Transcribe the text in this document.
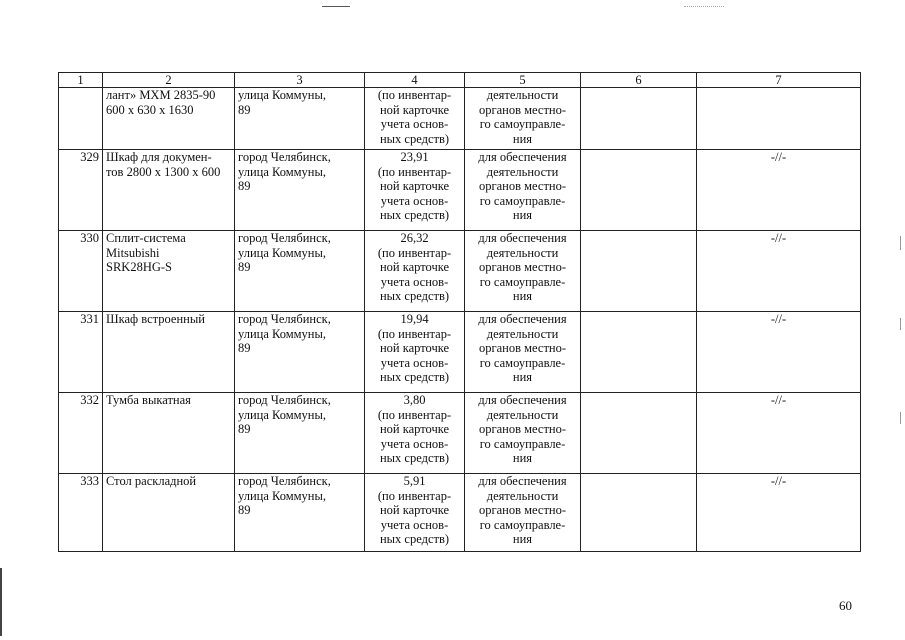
1	2	3	4	5	6	7

	лант» МХМ 2835-90
600 х 630 х 1630	улица Коммуны,
89	(по инвентар-
ной карточке
учета основ-
ных средств)	деятельности
органов местно-
го самоуправле-
ния		

329	Шкаф для докумен-
тов 2800 х 1300 х 600	город Челябинск,
улица Коммуны,
89	23,91
(по инвентар-
ной карточке
учета основ-
ных средств)	для обеспечения
деятельности
органов местно-
го самоуправле-
ния		-//-
330	Сплит-система
Mitsubishi
SRK28HG-S	город Челябинск,
улица Коммуны,
89	26,32
(по инвентар-
ной карточке
учета основ-
ных средств)	для обеспечения
деятельности
органов местно-
го самоуправле-
ния		-//-
331	Шкаф встроенный	город Челябинск,
улица Коммуны,
89	19,94
(по инвентар-
ной карточке
учета основ-
ных средств)	для обеспечения
деятельности
органов местно-
го самоуправле-
ния		-//-
332	Тумба выкатная	город Челябинск,
улица Коммуны,
89	3,80
(по инвентар-
ной карточке
учета основ-
ных средств)	для обеспечения
деятельности
органов местно-
го самоуправле-
ния		-//-
333	Стол раскладной	город Челябинск,
улица Коммуны,
89	5,91
(по инвентар-
ной карточке
учета основ-
ных средств)	для обеспечения
деятельности
органов местно-
го самоуправле-
ния		-//-
60
